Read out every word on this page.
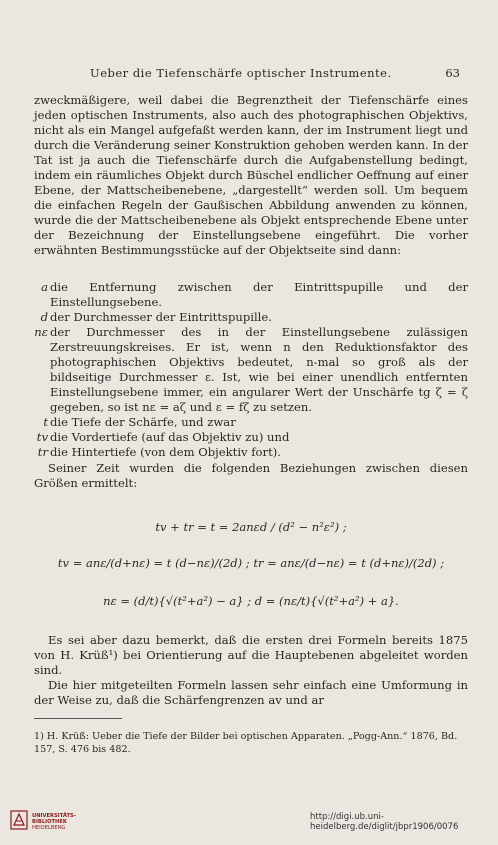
Ueber die Tiefenschärfe optischer Instrumente.	63

zweckmäßigere, weil dabei die Begrenztheit der Tiefenschärfe eines jeden optischen Instruments, also auch des photographischen Objektivs, nicht als ein Mangel aufgefaßt werden kann, der im Instrument liegt und durch die Veränderung seiner Konstruktion gehoben werden kann. In der Tat ist ja auch die Tiefenschärfe durch die Aufgabenstellung bedingt, indem ein räumliches Objekt durch Büschel endlicher Oeffnung auf einer Ebene, der Mattscheibenebene, „dargestellt“ werden soll. Um bequem die einfachen Regeln der Gaußischen Abbildung anwenden zu können, wurde die der Mattscheibenebene als Objekt entsprechende Ebene unter der Bezeichnung der Einstellungsebene eingeführt. Die vorher erwähnten Bestimmungsstücke auf der Objektseite sind dann:

a die Entfernung zwischen der Eintrittspupille und der Einstellungsebene.
d der Durchmesser der Eintrittspupille.
nε der Durchmesser des in der Einstellungsebene zulässigen Zerstreuungskreises. Er ist, wenn n den Reduktionsfaktor des photographischen Objektivs bedeutet, n-mal so groß als der bildseitige Durchmesser ε. Ist, wie bei einer unendlich entfernten Einstellungsebene immer, ein angularer Wert der Unschärfe tg ζ = ζ gegeben, so ist nε = aζ und ε = fζ zu setzen.
t die Tiefe der Schärfe, und zwar
tv die Vordertiefe (auf das Objektiv zu) und
tr die Hintertiefe (von dem Objektiv fort).

Seiner Zeit wurden die folgenden Beziehungen zwischen diesen Größen ermittelt:

tv + tr = t = 2anεd / (d² − n²ε²) ;
tv = anε/(d+nε) = t (d−nε)/(2d) ; tr = anε/(d−nε) = t (d+nε)/(2d) ;
nε = (d/t){√(t²+a²) − a} ; d = (nε/t){√(t²+a²) + a}.

Es sei aber dazu bemerkt, daß die ersten drei Formeln bereits 1875 von H. Krüß¹) bei Orientierung auf die Hauptebenen abgeleitet worden sind.

Die hier mitgeteilten Formeln lassen sehr einfach eine Umformung in der Weise zu, daß die Schärfengrenzen av und ar

1) H. Krüß: Ueber die Tiefe der Bilder bei optischen Apparaten. „Pogg-Ann.“ 1876, Bd. 157, S. 476 bis 482.
UNIVERSITÄTS-
BIBLIOTHEK
HEIDELBERG
http://digi.ub.uni-heidelberg.de/diglit/jbpr1906/0076
